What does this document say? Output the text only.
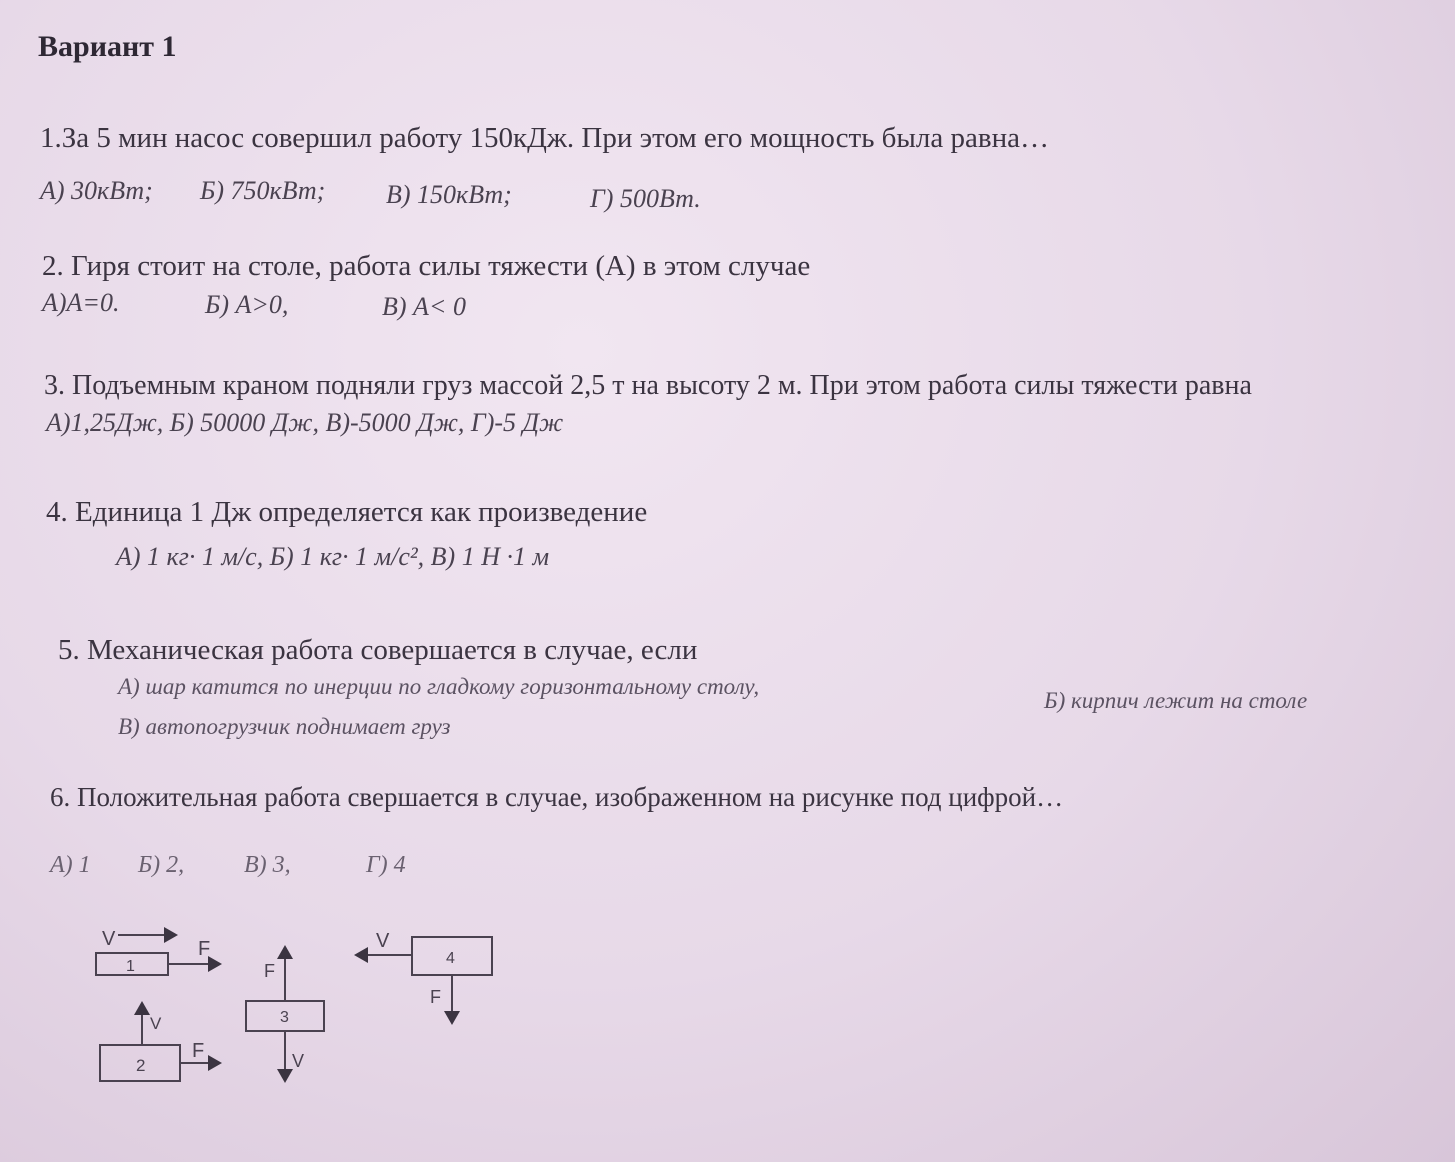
Вариант 1
1.За 5 мин насос совершил работу 150кДж. При этом его мощность была равна…
А) 30кВт; Б) 750кВт; В) 150кВт;	Г) 500Вт.
2. Гиря стоит на столе, работа силы тяжести (А) в этом случае
А)А=0.	Б) А>0,	В) А< 0
3. Подъемным краном подняли груз массой 2,5 т на высоту 2 м. При этом работа силы тяжести равна
А)1,25Дж, Б) 50000 Дж, В)-5000 Дж, Г)-5 Дж
4. Единица 1 Дж определяется как произведение
А) 1 кг· 1 м/с, Б) 1 кг· 1 м/с², В) 1 Н ·1 м
5. Механическая работа совершается в случае, если
А) шар катится по инерции по гладкому горизонтальному столу,
Б) кирпич лежит на столе
В) автопогрузчик поднимает груз
6. Положительная работа свершается в случае, изображенном на рисунке под цифрой…
А) 1 Б) 2, В) 3,	Г) 4
V	F
1
V
F
2
F
3
V
V
4
F
